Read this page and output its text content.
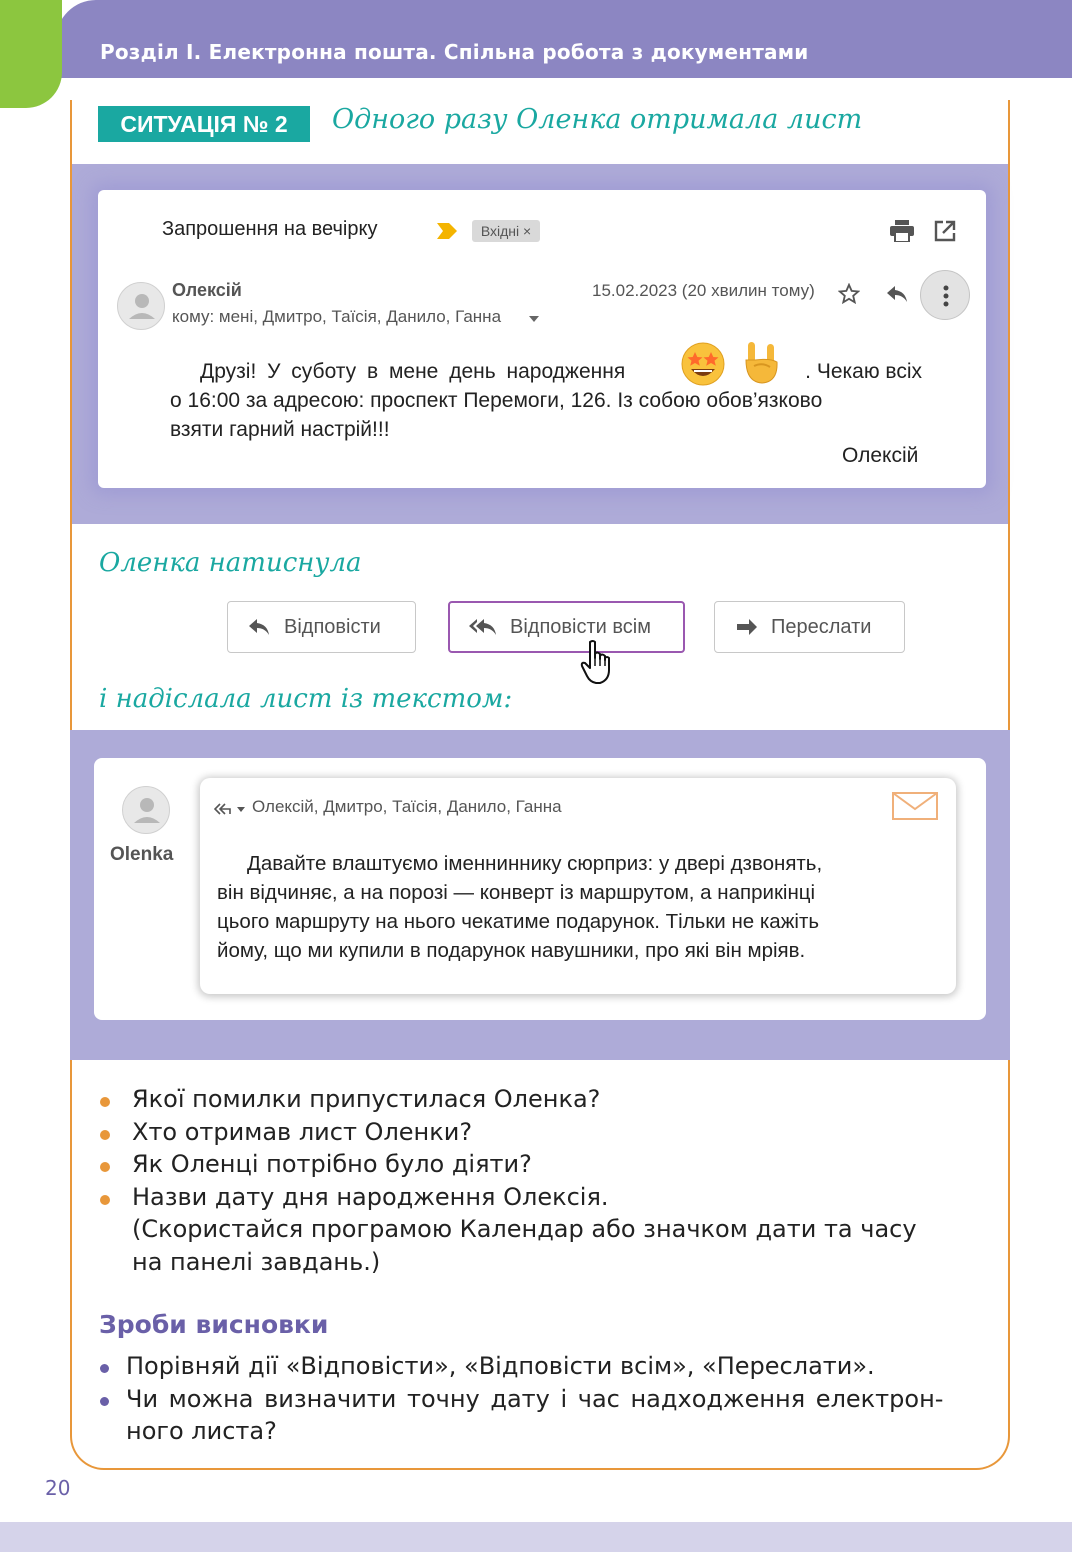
Розділ І. Електронна пошта. Спільна робота з документами
СИТУАЦІЯ № 2	Одного разу Оленка отримала лист
Запрошення на вечірку	Вхідні ×
Олексій
кому: мені, Дмитро, Таїсія, Данило, Ганна
15.02.2023 (20 хвилин тому)
Друзі! У суботу в мене день народження	. Чекаю всіх
о 16:00 за адресою: проспект Перемоги, 126. Із собою обов’язково
взяти гарний настрій!!!
Олексій
Оленка натиснула
Відповісти	Відповісти всім	Переслати
і надіслала лист із текстом:
Olenka
Олексій, Дмитро, Таїсія, Данило, Ганна
Давайте влаштуємо іменниннику сюрприз: у двері дзвонять,
він відчиняє, а на порозі — конверт із маршрутом, а наприкінці
цього маршруту на нього чекатиме подарунок. Тільки не кажіть
йому, що ми купили в подарунок навушники, про які він мріяв.
Якої помилки припустилася Оленка?
Хто отримав лист Оленки?
Як Оленці потрібно було діяти?
Назви дату дня народження Олексія.
(Скористайся програмою Календар або значком дати та часу
на панелі завдань.)
Зроби висновки
Порівняй дії «Відповісти», «Відповісти всім», «Переслати».
Чи можна визначити точну дату і час надходження електрон-
ного листа?
20
